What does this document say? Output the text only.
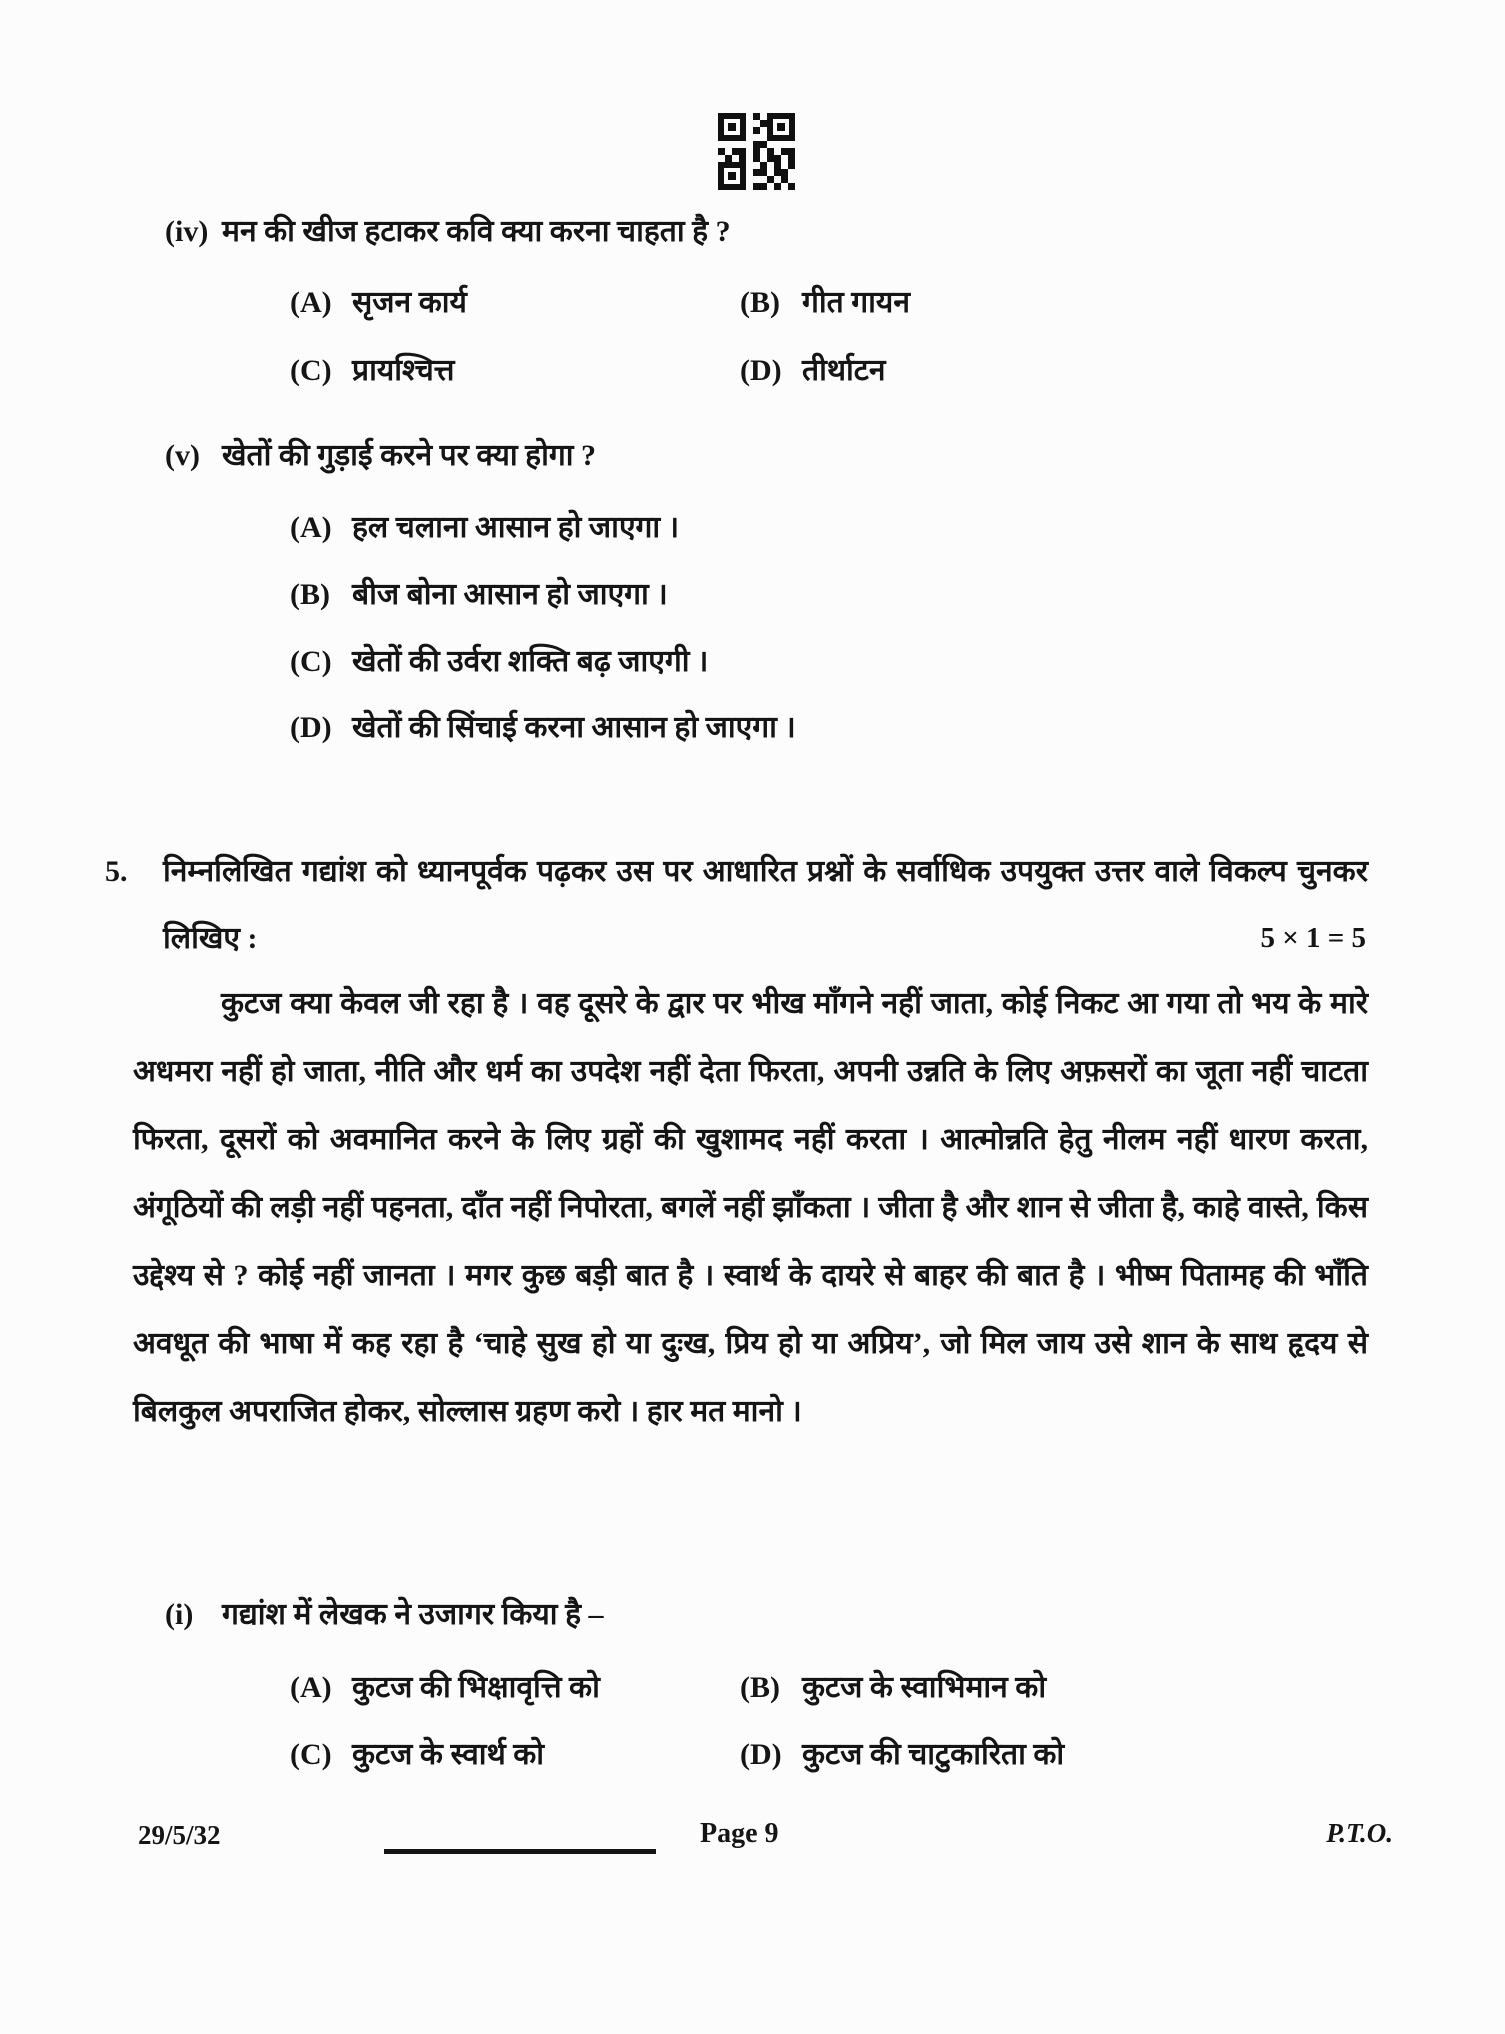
(iv) मन की खीज हटाकर कवि क्या करना चाहता है ?
(A) सृजन कार्य	(B) गीत गायन
(C) प्रायश्चित्त	(D) तीर्थाटन
(v) खेतों की गुड़ाई करने पर क्या होगा ?
(A) हल चलाना आसान हो जाएगा ।
(B) बीज बोना आसान हो जाएगा ।
(C) खेतों की उर्वरा शक्ति बढ़ जाएगी ।
(D) खेतों की सिंचाई करना आसान हो जाएगा ।
5. निम्नलिखित गद्यांश को ध्यानपूर्वक पढ़कर उस पर आधारित प्रश्नों के सर्वाधिक उपयुक्त उत्तर वाले विकल्प चुनकर लिखिए :	5 × 1 = 5
कुटज क्या केवल जी रहा है । वह दूसरे के द्वार पर भीख माँगने नहीं जाता, कोई निकट आ गया तो भय के मारे अधमरा नहीं हो जाता, नीति और धर्म का उपदेश नहीं देता फिरता, अपनी उन्नति के लिए अफ़सरों का जूता नहीं चाटता फिरता, दूसरों को अवमानित करने के लिए ग्रहों की खुशामद नहीं करता । आत्मोन्नति हेतु नीलम नहीं धारण करता, अंगूठियों की लड़ी नहीं पहनता, दाँत नहीं निपोरता, बगलें नहीं झाँकता । जीता है और शान से जीता है, काहे वास्ते, किस उद्देश्य से ? कोई नहीं जानता । मगर कुछ बड़ी बात है । स्वार्थ के दायरे से बाहर की बात है । भीष्म पितामह की भाँति अवधूत की भाषा में कह रहा है ‘चाहे सुख हो या दुःख, प्रिय हो या अप्रिय’, जो मिल जाय उसे शान के साथ हृदय से बिलकुल अपराजित होकर, सोल्लास ग्रहण करो । हार मत मानो ।
(i) गद्यांश में लेखक ने उजागर किया है –
(A) कुटज की भिक्षावृत्ति को	(B) कुटज के स्वाभिमान को
(C) कुटज के स्वार्थ को	(D) कुटज की चाटुकारिता को
29/5/32	Page 9	P.T.O.
